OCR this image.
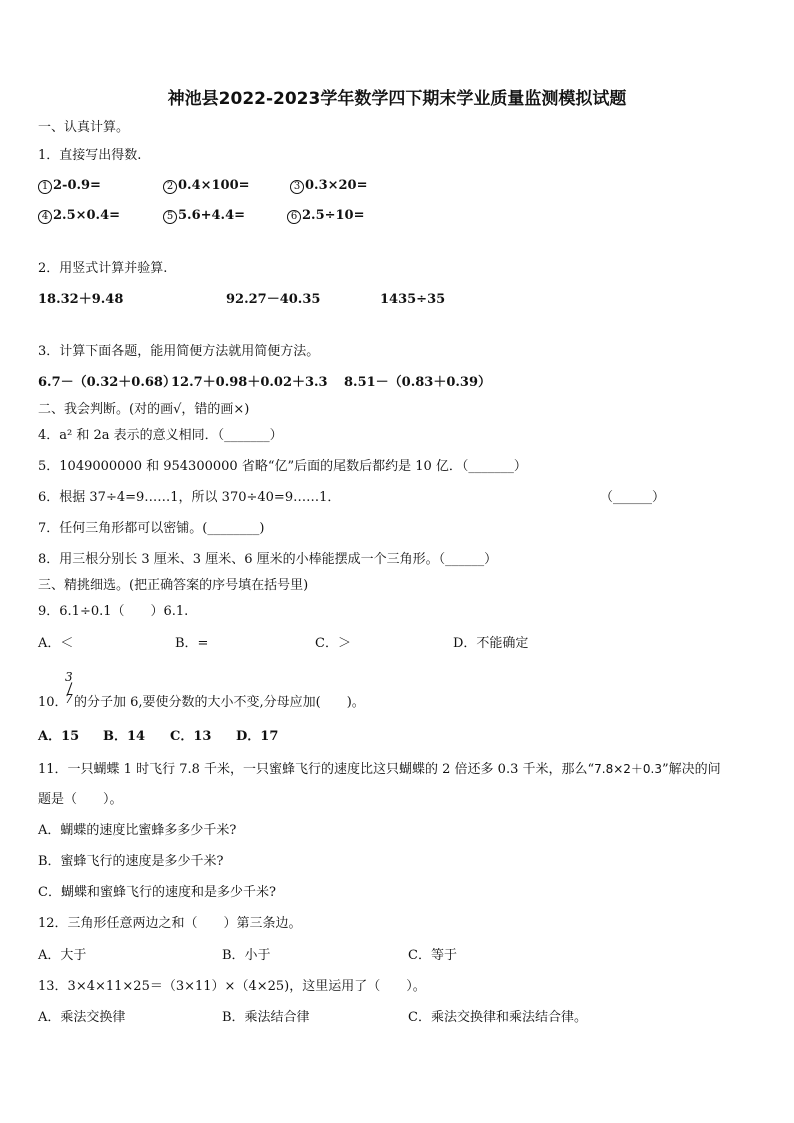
神池县2022-2023学年数学四下期末学业质量监测模拟试题
一、认真计算。
1．直接写出得数.
1 2-0.9=	2 0.4×100=	3 0.3×20=
4 2.5×0.4=	5 5.6+4.4=	6 2.5÷10=
2．用竖式计算并验算.
18.32＋9.48	92.27－40.35	1435÷35
3．计算下面各题，能用简便方法就用简便方法。
6.7－（0.32＋0.68）
12.7＋0.98＋0.02＋3.3 8.51－（0.83＋0.39）
二、我会判断。(对的画√，错的画×)
4．a² 和 2a 表示的意义相同．（_______）
5．1049000000 和 954300000 省略“亿”后面的尾数后都约是 10 亿．（_______）
6．根据 37÷4=9……1，所以 370÷40=9……1．	（______）
7．任何三角形都可以密铺。(________)
8．用三根分别长 3 厘米、3 厘米、6 厘米的小棒能摆成一个三角形。（______）
三、精挑细选。(把正确答案的序号填在括号里)
9．6.1÷0.1（　　）6.1.
A．＜	B．=	C．＞	D．不能确定
3
7
10． 的分子加 6,要使分数的大小不变,分母应加(　　)。
A．15 B．14 C．13 D．17
11．一只蝴蝶 1 时飞行 7.8 千米，一只蜜蜂飞行的速度比这只蝴蝶的 2 倍还多 0.3 千米，那么“7.8×2＋0.3”解决的问
题是（　　）。
A．蝴蝶的速度比蜜蜂多多少千米?
B．蜜蜂飞行的速度是多少千米?
C．蝴蝶和蜜蜂飞行的速度和是多少千米?
12．三角形任意两边之和（　　）第三条边。
A．大于	B．小于	C．等于
13．3×4×11×25＝（3×11）×（4×25)，这里运用了（　　）。
A．乘法交换律	B．乘法结合律	C．乘法交换律和乘法结合律。
